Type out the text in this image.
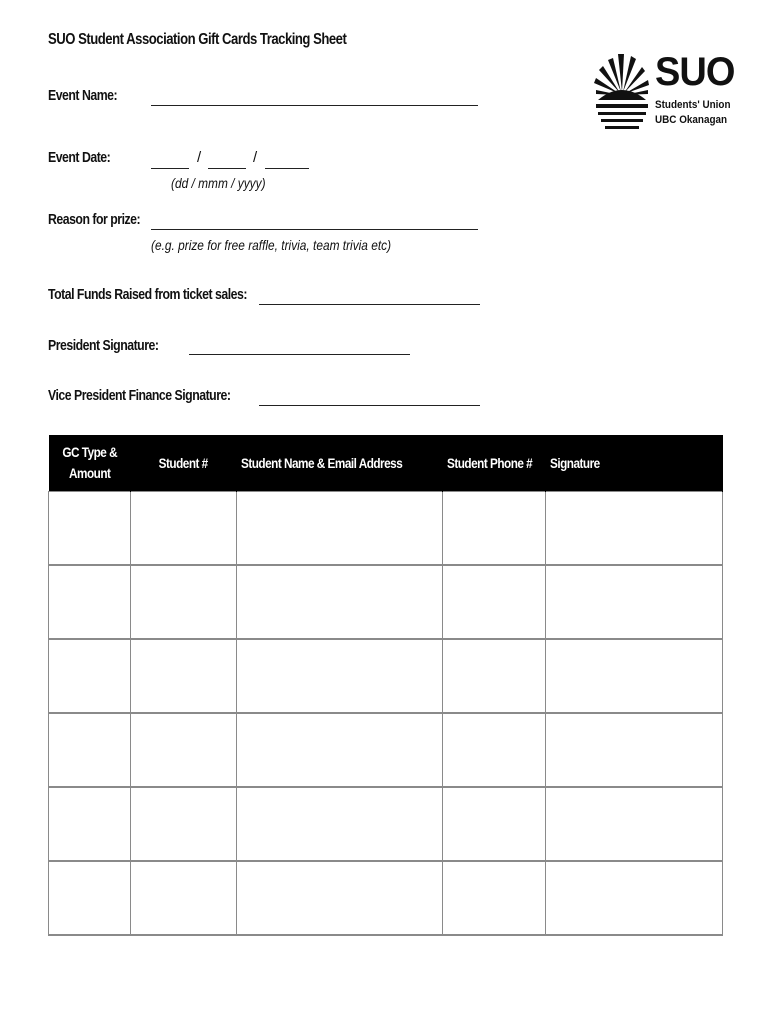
SUO Student Association Gift Cards Tracking Sheet
SUO
Students' Union
UBC Okanagan
Event Name:
Event Date:	/	/
(dd / mmm / yyyy)
Reason for prize:
(e.g. prize for free raffle, trivia, team trivia etc)
Total Funds Raised from ticket sales:
President Signature:
Vice President Finance Signature:
GC Type & Amount	Student #	Student Name & Email Address	Student Phone #	Signature
